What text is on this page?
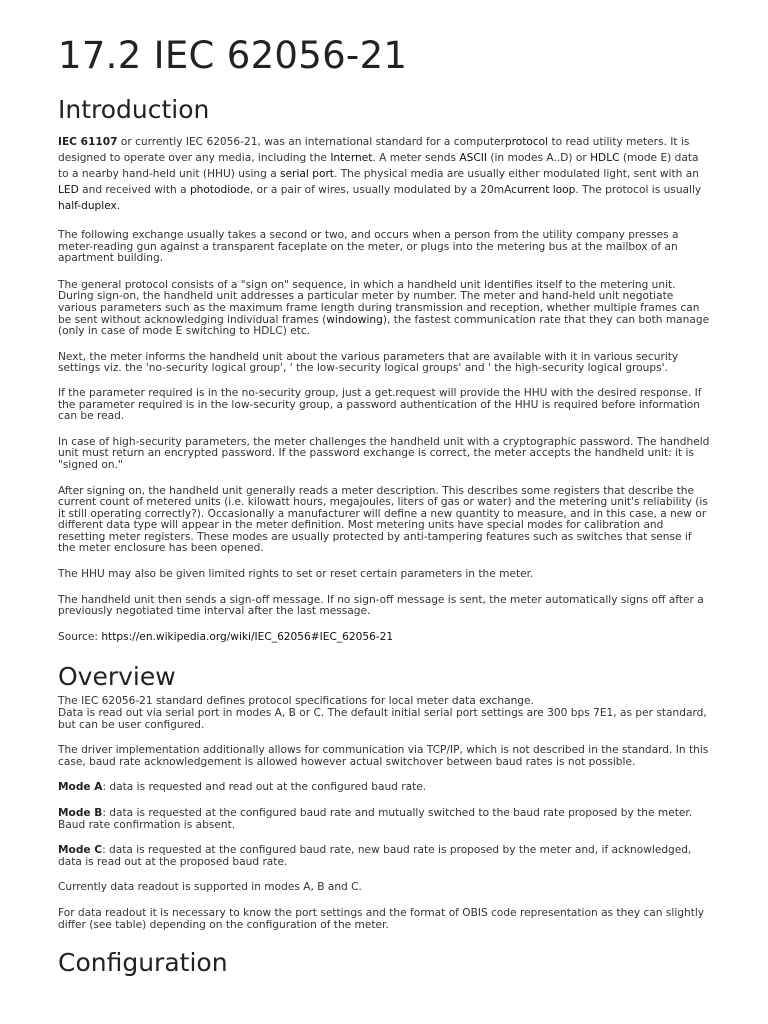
17.2 IEC 62056-21
Introduction

IEC 61107 or currently IEC 62056-21, was an international standard for a computerprotocol to read utility meters. It is designed to operate over any media, including the Internet. A meter sends ASCII (in modes A..D) or HDLC (mode E) data to a nearby hand-held unit (HHU) using a serial port. The physical media are usually either modulated light, sent with an LED and received with a photodiode, or a pair of wires, usually modulated by a 20mAcurrent loop. The protocol is usually half-duplex.

The following exchange usually takes a second or two, and occurs when a person from the utility company presses a meter-reading gun against a transparent faceplate on the meter, or plugs into the metering bus at the mailbox of an apartment building.

The general protocol consists of a "sign on" sequence, in which a handheld unit identifies itself to the metering unit. During sign-on, the handheld unit addresses a particular meter by number. The meter and hand-held unit negotiate various parameters such as the maximum frame length during transmission and reception, whether multiple frames can be sent without acknowledging individual frames (windowing), the fastest communication rate that they can both manage (only in case of mode E switching to HDLC) etc.

Next, the meter informs the handheld unit about the various parameters that are available with it in various security settings viz. the 'no-security logical group', ' the low-security logical groups' and ' the high-security logical groups'.

If the parameter required is in the no-security group, just a get.request will provide the HHU with the desired response. If the parameter required is in the low-security group, a password authentication of the HHU is required before information can be read.

In case of high-security parameters, the meter challenges the handheld unit with a cryptographic password. The handheld unit must return an encrypted password. If the password exchange is correct, the meter accepts the handheld unit: it is "signed on."

After signing on, the handheld unit generally reads a meter description. This describes some registers that describe the current count of metered units (i.e. kilowatt hours, megajoules, liters of gas or water) and the metering unit's reliability (is it still operating correctly?). Occasionally a manufacturer will define a new quantity to measure, and in this case, a new or different data type will appear in the meter definition. Most metering units have special modes for calibration and resetting meter registers. These modes are usually protected by anti-tampering features such as switches that sense if the meter enclosure has been opened.

The HHU may also be given limited rights to set or reset certain parameters in the meter.

The handheld unit then sends a sign-off message. If no sign-off message is sent, the meter automatically signs off after a previously negotiated time interval after the last message.

Source: https://en.wikipedia.org/wiki/IEC_62056#IEC_62056-21

Overview

The IEC 62056-21 standard defines protocol specifications for local meter data exchange.
Data is read out via serial port in modes A, B or C. The default initial serial port settings are 300 bps 7E1, as per standard, but can be user configured.

The driver implementation additionally allows for communication via TCP/IP, which is not described in the standard. In this case, baud rate acknowledgement is allowed however actual switchover between baud rates is not possible.

Mode A: data is requested and read out at the configured baud rate.

Mode B: data is requested at the configured baud rate and mutually switched to the baud rate proposed by the meter. Baud rate confirmation is absent.

Mode C: data is requested at the configured baud rate, new baud rate is proposed by the meter and, if acknowledged, data is read out at the proposed baud rate.

Currently data readout is supported in modes A, B and C.

For data readout it is necessary to know the port settings and the format of OBIS code representation as they can slightly differ (see table) depending on the configuration of the meter.

Configuration
